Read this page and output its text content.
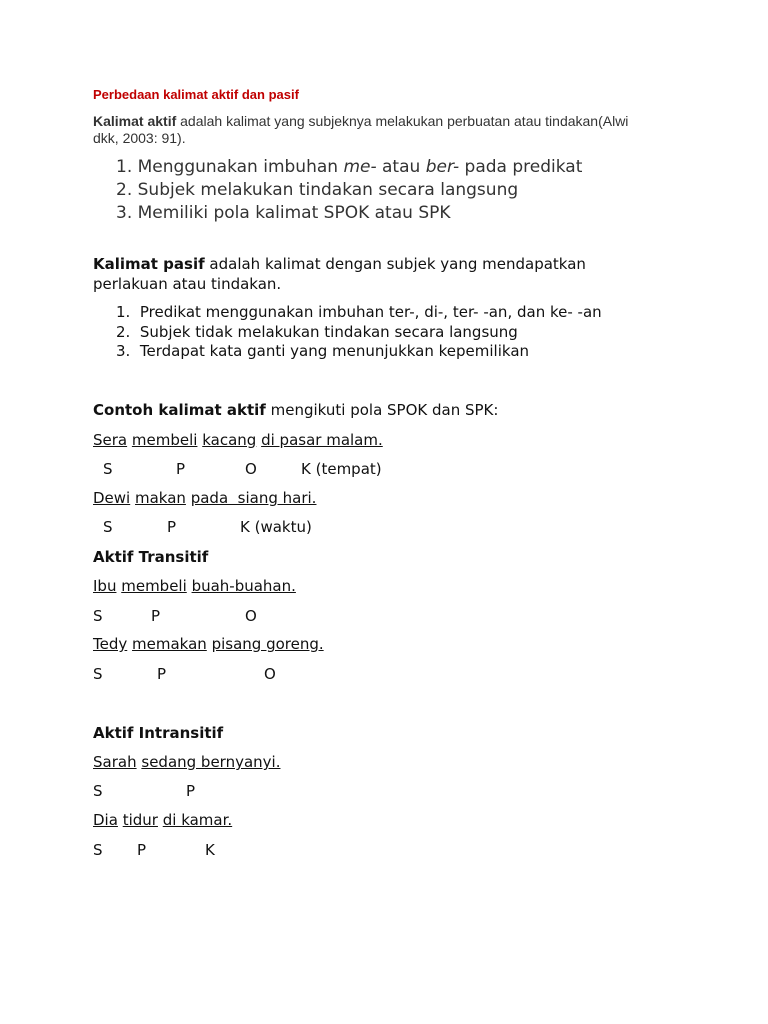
Perbedaan kalimat aktif dan pasif
Kalimat aktif adalah kalimat yang subjeknya melakukan perbuatan atau tindakan(Alwi dkk, 2003: 91).
1. Menggunakan imbuhan me- atau ber- pada predikat
2. Subjek melakukan tindakan secara langsung
3. Memiliki pola kalimat SPOK atau SPK
Kalimat pasif adalah kalimat dengan subjek yang mendapatkan
perlakuan atau tindakan.
1. Predikat menggunakan imbuhan ter-, di-, ter- -an, dan ke- -an
2. Subjek tidak melakukan tindakan secara langsung
3. Terdapat kata ganti yang menunjukkan kepemilikan
Contoh kalimat aktif mengikuti pola SPOK dan SPK:
Sera membeli kacang di pasar malam.
S	P	O	K (tempat)
Dewi makan pada  siang hari.
S	P	K (waktu)
Aktif Transitif
Ibu membeli buah-buahan.
S	P	O
Tedy memakan pisang goreng.
S	P	O
Aktif Intransitif
Sarah sedang bernyanyi.
S	P
Dia tidur di kamar.
S P	K
